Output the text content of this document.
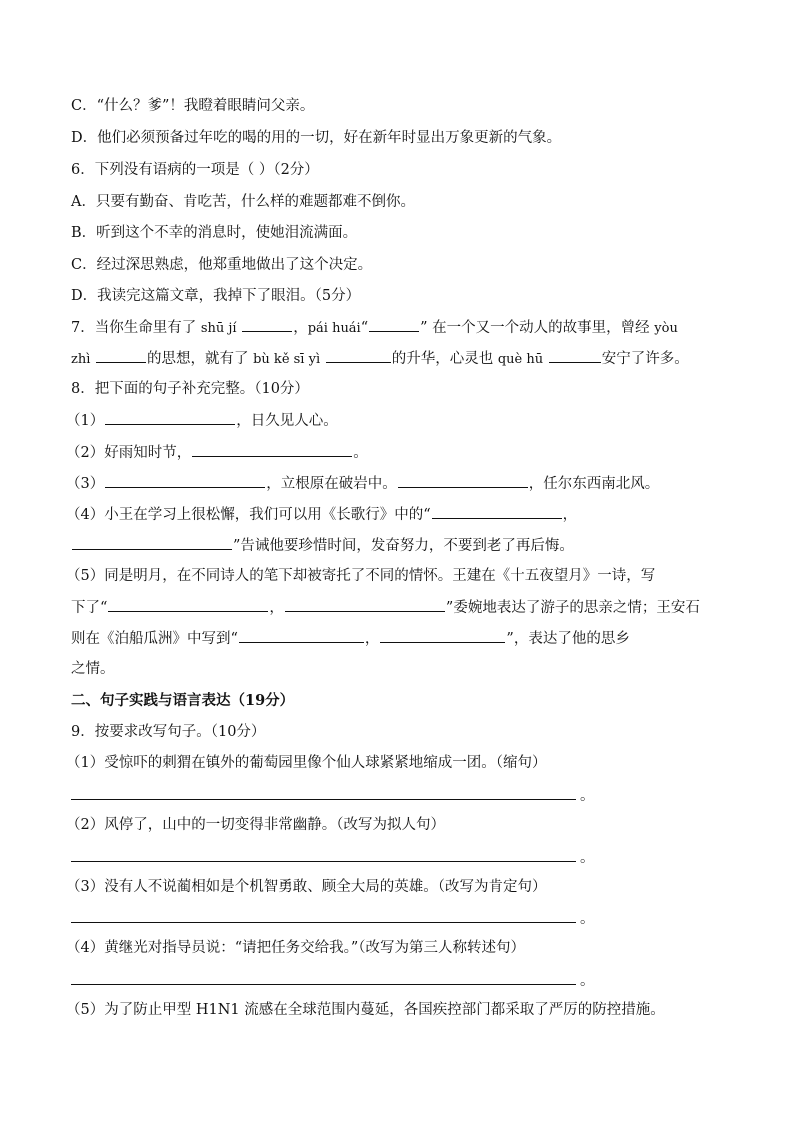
C．“什么？爹”！我瞪着眼睛问父亲。
D．他们必须预备过年吃的喝的用的一切，好在新年时显出万象更新的气象。
6．下列没有语病的一项是（ ）（2分）
A．只要有勤奋、肯吃苦，什么样的难题都难不倒你。
B．听到这个不幸的消息时，使她泪流满面。
C．经过深思熟虑，他郑重地做出了这个决定。
D．我读完这篇文章，我掉下了眼泪。（5分）
7．当你生命里有了 shū jí	，pái huái“	” 在一个又一个动人的故事里，曾经 yòu
zhì	的思想，就有了 bù kě sī yì	的升华，心灵也 què hū	安宁了许多。
8．把下面的句子补充完整。（10分）
（1）	，日久见人心。
（2）好雨知时节，	。
（3）	，立根原在破岩中。	，任尔东西南北风。
（4）小王在学习上很松懈，我们可以用《长歌行》中的“	，
”告诫他要珍惜时间，发奋努力，不要到老了再后悔。
（5）同是明月，在不同诗人的笔下却被寄托了不同的情怀。王建在《十五夜望月》一诗，写
下了“	，	”委婉地表达了游子的思亲之情；王安石
则在《泊船瓜洲》中写到“	，	”，表达了他的思乡
之情。
二、句子实践与语言表达（19分）
9．按要求改写句子。（10分）
（1）受惊吓的刺猬在镇外的葡萄园里像个仙人球紧紧地缩成一团。（缩句）
。
（2）风停了，山中的一切变得非常幽静。（改写为拟人句）
。
（3）没有人不说蔺相如是个机智勇敢、顾全大局的英雄。（改写为肯定句）
。
（4）黄继光对指导员说：“请把任务交给我。”（改写为第三人称转述句）
。
（5）为了防止甲型 H1N1 流感在全球范围内蔓延，各国疾控部门都采取了严厉的防控措施。
